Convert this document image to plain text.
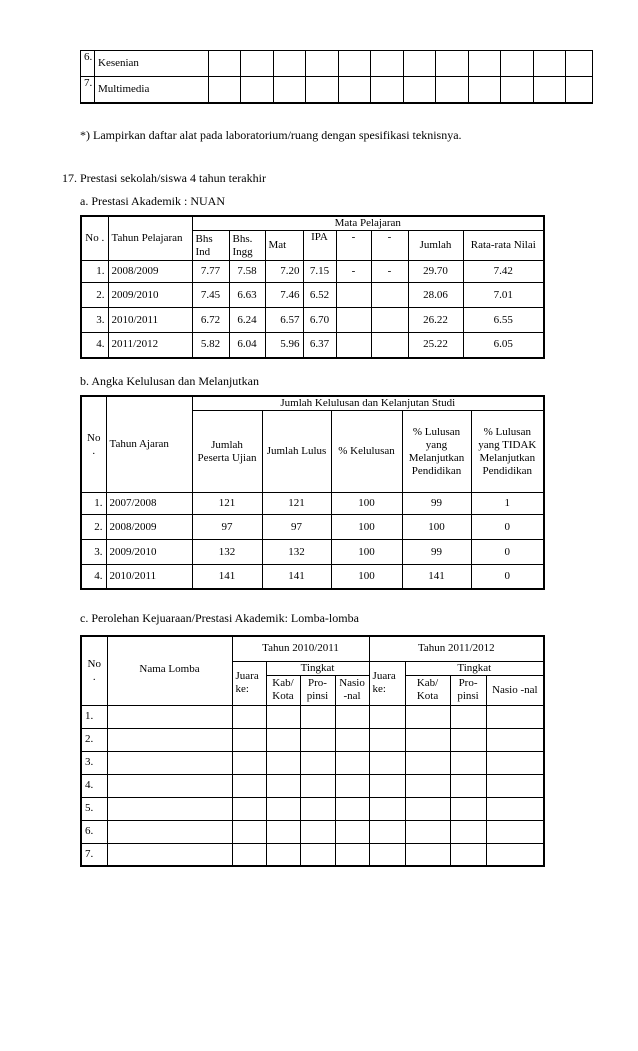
6.	Kesenian												
7.	Multimedia												
*) Lampirkan daftar alat pada laboratorium/ruang dengan spesifikasi teknisnya.
17. Prestasi sekolah/siswa 4 tahun terakhir
a. Prestasi Akademik : NUAN
No .	Tahun Pelajaran	Mata Pelajaran							
		Bhs Ind	Bhs. Ingg	Mat	IPA	-	-	Jumlah	Rata-rata Nilai
1.	2008/2009	7.77	7.58	7.20	7.15	-	-	29.70	7.42
2.	2009/2010	7.45	6.63	7.46	6.52			28.06	7.01
3.	2010/2011	6.72	6.24	6.57	6.70			26.22	6.55
4.	2011/2012	5.82	6.04	5.96	6.37			25.22	6.05
b. Angka Kelulusan dan Melanjutkan
No .	Tahun Ajaran	Jumlah Kelulusan dan Kelanjutan Studi				
		Jumlah Peserta Ujian	Jumlah Lulus	% Kelulusan	% Lulusan yang Melanjutkan Pendidikan	% Lulusan yang TIDAK Melanjutkan Pendidikan
1.	2007/2008	121	121	100	99	1
2.	2008/2009	97	97	100	100	0
3.	2009/2010	132	132	100	99	0
4.	2010/2011	141	141	100	141	0
c. Perolehan Kejuaraan/Prestasi Akademik: Lomba-lomba
No .	Nama Lomba	Tahun 2010/2011				Tahun 2011/2012			
		Juara ke:	Tingkat			Juara ke:	Tingkat		
			Kab/ Kota	Pro- pinsi	Nasio -nal		Kab/ Kota	Pro- pinsi	Nasio -nal
1.									
2.									
3.									
4.									
5.									
6.									
7.									
